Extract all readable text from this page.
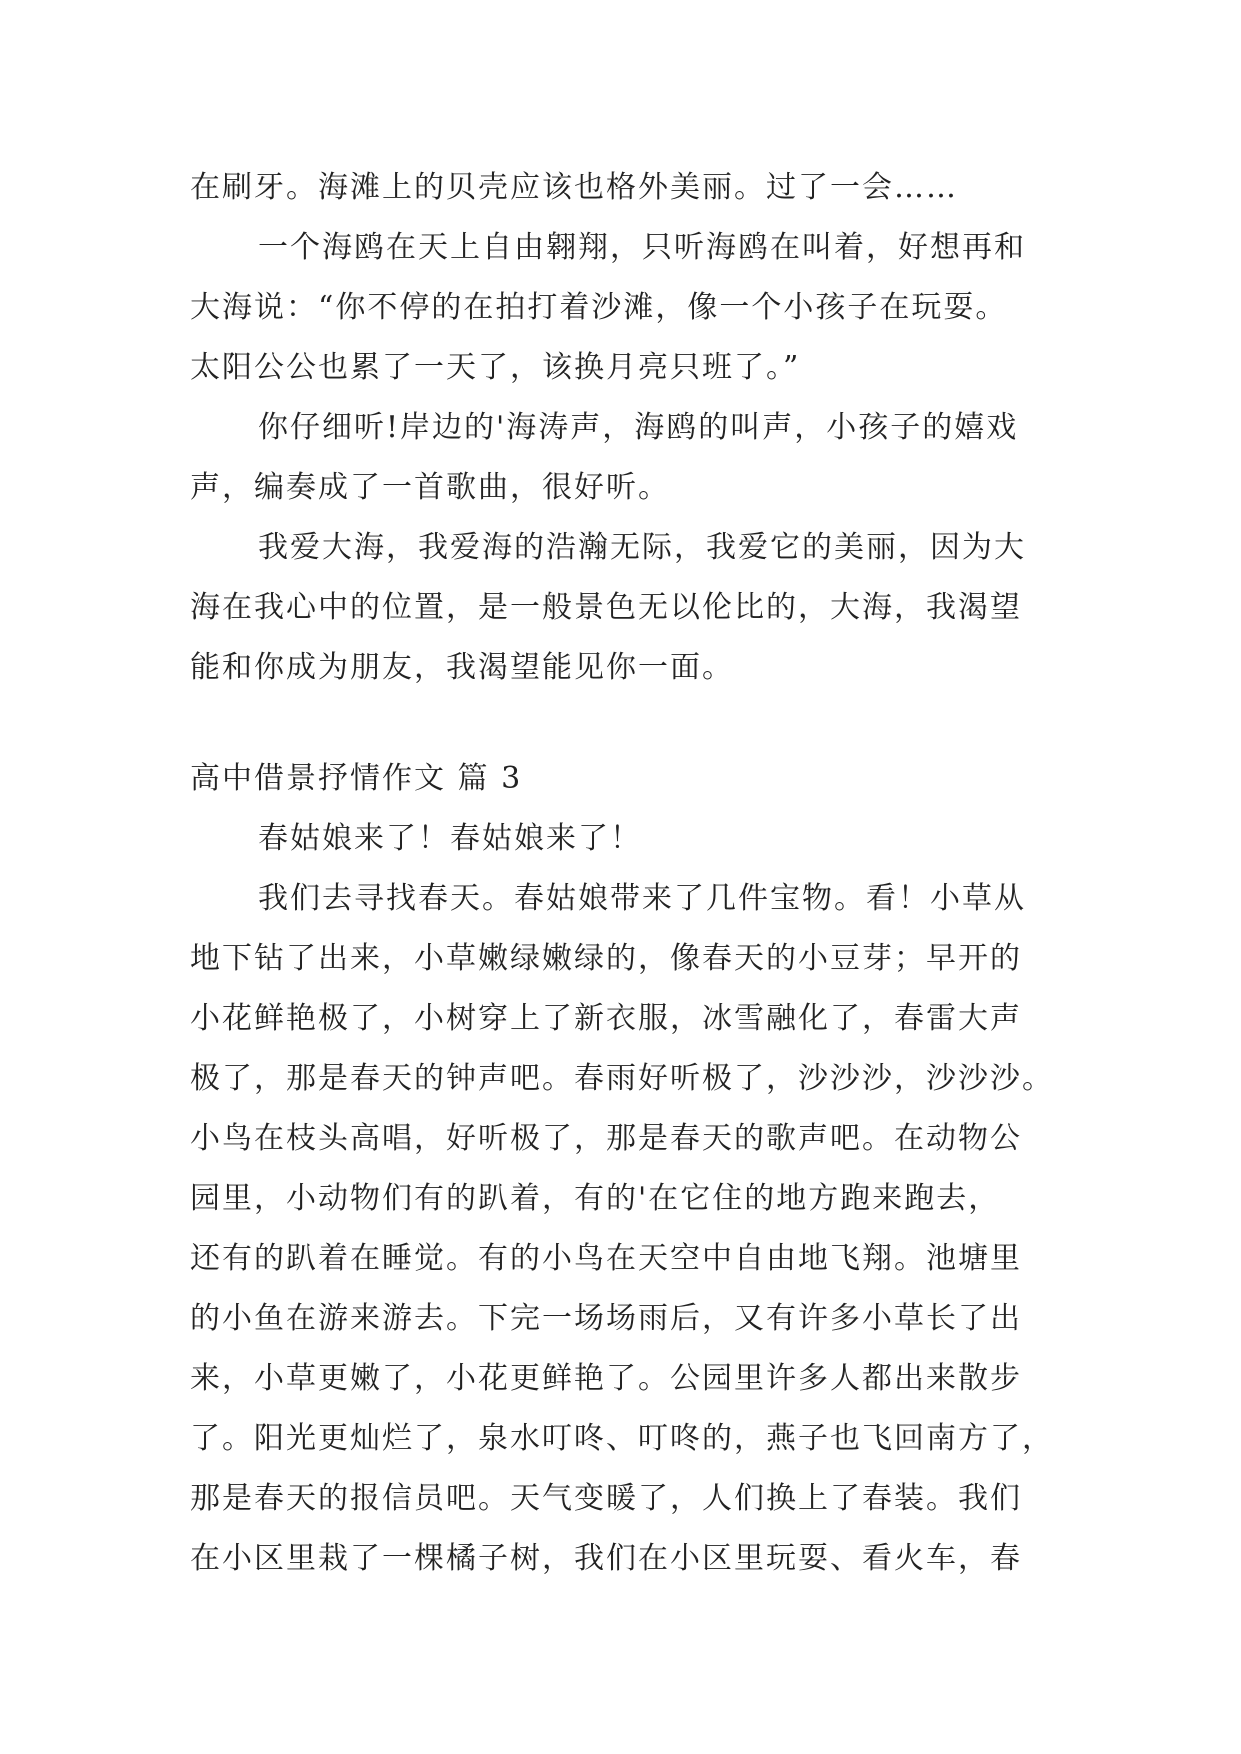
在刷牙。海滩上的贝壳应该也格外美丽。过了一会……
一个海鸥在天上自由翱翔，只听海鸥在叫着，好想再和
大海说：“你不停的在拍打着沙滩，像一个小孩子在玩耍。
太阳公公也累了一天了，该换月亮只班了。”
你仔细听!岸边的'海涛声，海鸥的叫声，小孩子的嬉戏
声，编奏成了一首歌曲，很好听。
我爱大海，我爱海的浩瀚无际，我爱它的美丽，因为大
海在我心中的位置，是一般景色无以伦比的，大海，我渴望
能和你成为朋友，我渴望能见你一面。
高中借景抒情作文 篇 3
春姑娘来了！春姑娘来了！
我们去寻找春天。春姑娘带来了几件宝物。看！小草从
地下钻了出来，小草嫩绿嫩绿的，像春天的小豆芽；早开的
小花鲜艳极了，小树穿上了新衣服，冰雪融化了，春雷大声
极了，那是春天的钟声吧。春雨好听极了，沙沙沙，沙沙沙。
小鸟在枝头高唱，好听极了，那是春天的歌声吧。在动物公
园里，小动物们有的趴着，有的'在它住的地方跑来跑去，
还有的趴着在睡觉。有的小鸟在天空中自由地飞翔。池塘里
的小鱼在游来游去。下完一场场雨后，又有许多小草长了出
来，小草更嫩了，小花更鲜艳了。公园里许多人都出来散步
了。阳光更灿烂了，泉水叮咚、叮咚的，燕子也飞回南方了，
那是春天的报信员吧。天气变暖了，人们换上了春装。我们
在小区里栽了一棵橘子树，我们在小区里玩耍、看火车，春
